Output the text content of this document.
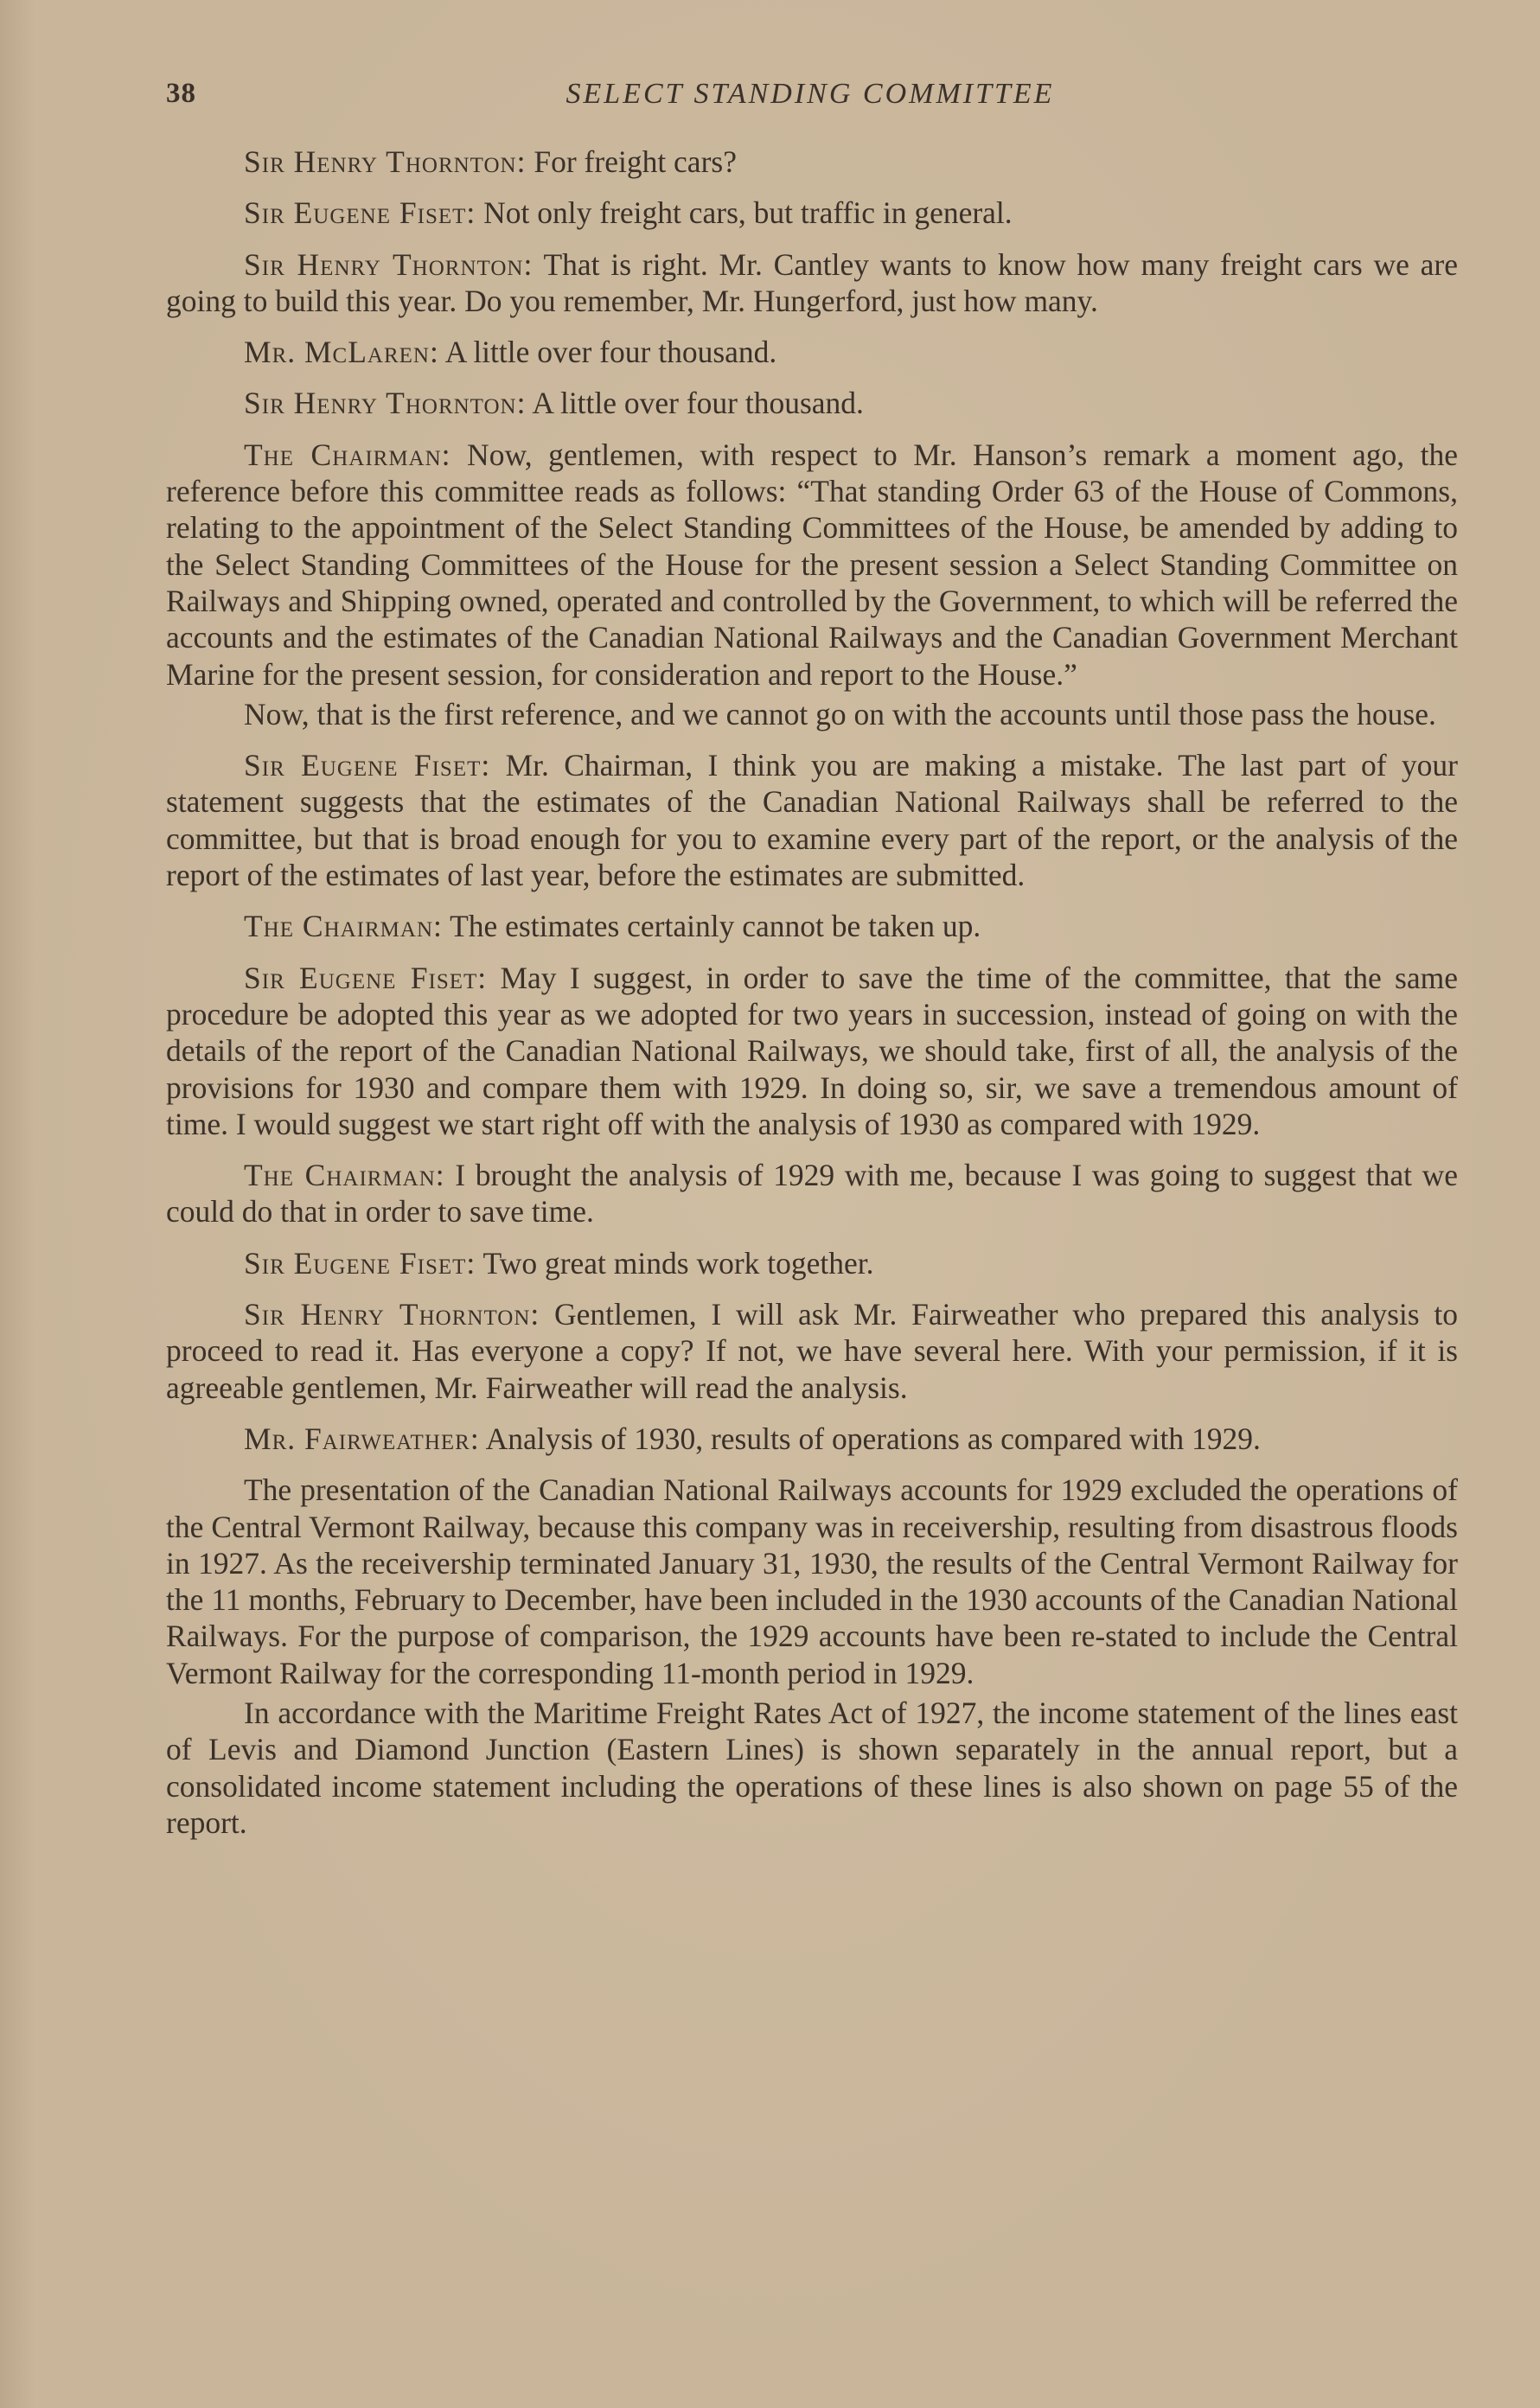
38	SELECT STANDING COMMITTEE

Sir Henry Thornton: For freight cars?

Sir Eugene Fiset: Not only freight cars, but traffic in general.

Sir Henry Thornton: That is right. Mr. Cantley wants to know how many freight cars we are going to build this year. Do you remember, Mr. Hungerford, just how many.

Mr. McLaren: A little over four thousand.

Sir Henry Thornton: A little over four thousand.

The Chairman: Now, gentlemen, with respect to Mr. Hanson’s remark a moment ago, the reference before this committee reads as follows: “That standing Order 63 of the House of Commons, relating to the appointment of the Select Standing Committees of the House, be amended by adding to the Select Standing Committees of the House for the present session a Select Standing Committee on Railways and Shipping owned, operated and controlled by the Government, to which will be referred the accounts and the estimates of the Canadian National Railways and the Canadian Government Merchant Marine for the present session, for consideration and report to the House.”

Now, that is the first reference, and we cannot go on with the accounts until those pass the house.

Sir Eugene Fiset: Mr. Chairman, I think you are making a mistake. The last part of your statement suggests that the estimates of the Canadian National Railways shall be referred to the committee, but that is broad enough for you to examine every part of the report, or the analysis of the report of the estimates of last year, before the estimates are submitted.

The Chairman: The estimates certainly cannot be taken up.

Sir Eugene Fiset: May I suggest, in order to save the time of the committee, that the same procedure be adopted this year as we adopted for two years in succession, instead of going on with the details of the report of the Canadian National Railways, we should take, first of all, the analysis of the provisions for 1930 and compare them with 1929. In doing so, sir, we save a tremendous amount of time. I would suggest we start right off with the analysis of 1930 as compared with 1929.

The Chairman: I brought the analysis of 1929 with me, because I was going to suggest that we could do that in order to save time.

Sir Eugene Fiset: Two great minds work together.

Sir Henry Thornton: Gentlemen, I will ask Mr. Fairweather who prepared this analysis to proceed to read it. Has everyone a copy? If not, we have several here. With your permission, if it is agreeable gentlemen, Mr. Fairweather will read the analysis.

Mr. Fairweather: Analysis of 1930, results of operations as compared with 1929.

The presentation of the Canadian National Railways accounts for 1929 excluded the operations of the Central Vermont Railway, because this company was in receivership, resulting from disastrous floods in 1927. As the receivership terminated January 31, 1930, the results of the Central Vermont Railway for the 11 months, February to December, have been included in the 1930 accounts of the Canadian National Railways. For the purpose of comparison, the 1929 accounts have been re-stated to include the Central Vermont Railway for the corresponding 11-month period in 1929.

In accordance with the Maritime Freight Rates Act of 1927, the income statement of the lines east of Levis and Diamond Junction (Eastern Lines) is shown separately in the annual report, but a consolidated income statement including the operations of these lines is also shown on page 55 of the report.
